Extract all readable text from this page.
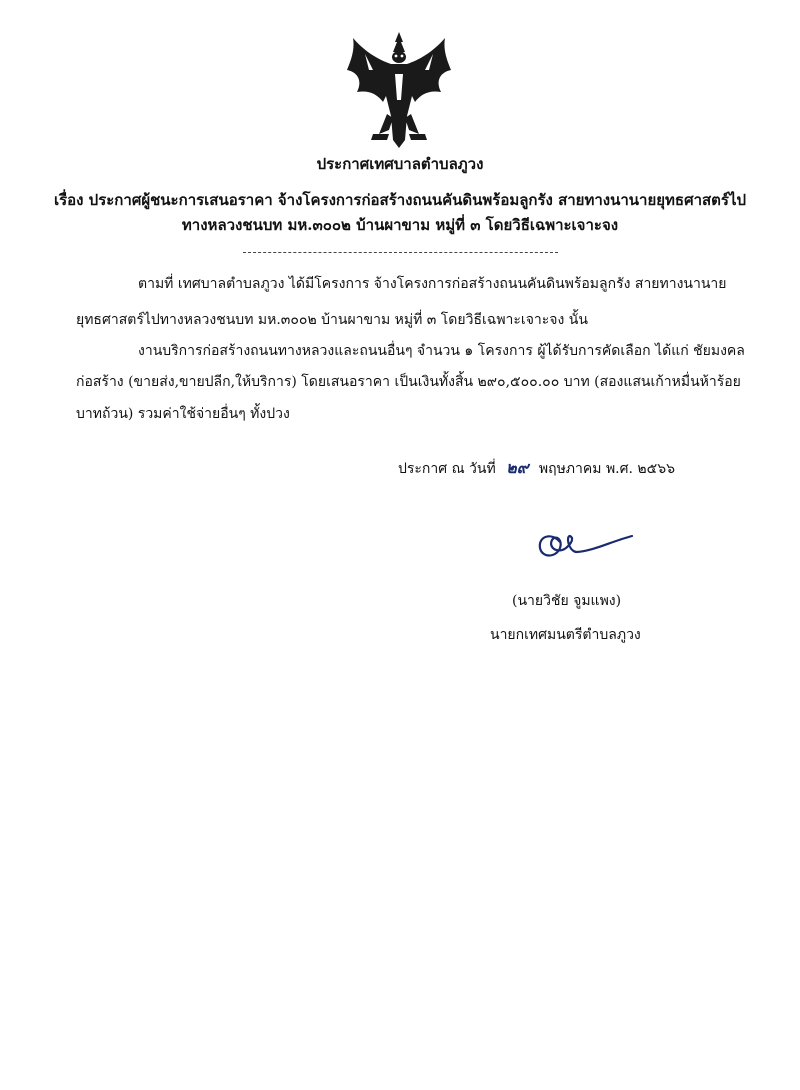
ประกาศเทศบาลตำบลภูวง
เรื่อง ประกาศผู้ชนะการเสนอราคา จ้างโครงการก่อสร้างถนนคันดินพร้อมลูกรัง สายทางนานายยุทธศาสตร์ไป
ทางหลวงชนบท มห.๓๐๐๒ บ้านผาขาม หมู่ที่ ๓ โดยวิธีเฉพาะเจาะจง
ตามที่ เทศบาลตำบลภูวง ได้มีโครงการ จ้างโครงการก่อสร้างถนนคันดินพร้อมลูกรัง สายทางนานาย
ยุทธศาสตร์ไปทางหลวงชนบท มห.๓๐๐๒ บ้านผาขาม หมู่ที่ ๓ โดยวิธีเฉพาะเจาะจง นั้น
งานบริการก่อสร้างถนนทางหลวงและถนนอื่นๆ จำนวน ๑ โครงการ ผู้ได้รับการคัดเลือก ได้แก่ ชัยมงคล
ก่อสร้าง (ขายส่ง,ขายปลีก,ให้บริการ) โดยเสนอราคา เป็นเงินทั้งสิ้น ๒๙๐,๕๐๐.๐๐ บาท (สองแสนเก้าหมื่นห้าร้อย
บาทถ้วน) รวมค่าใช้จ่ายอื่นๆ ทั้งปวง
ประกาศ ณ วันที่ ๒๙ พฤษภาคม พ.ศ. ๒๕๖๖
(นายวิชัย จูมแพง)
นายกเทศมนตรีตำบลภูวง
